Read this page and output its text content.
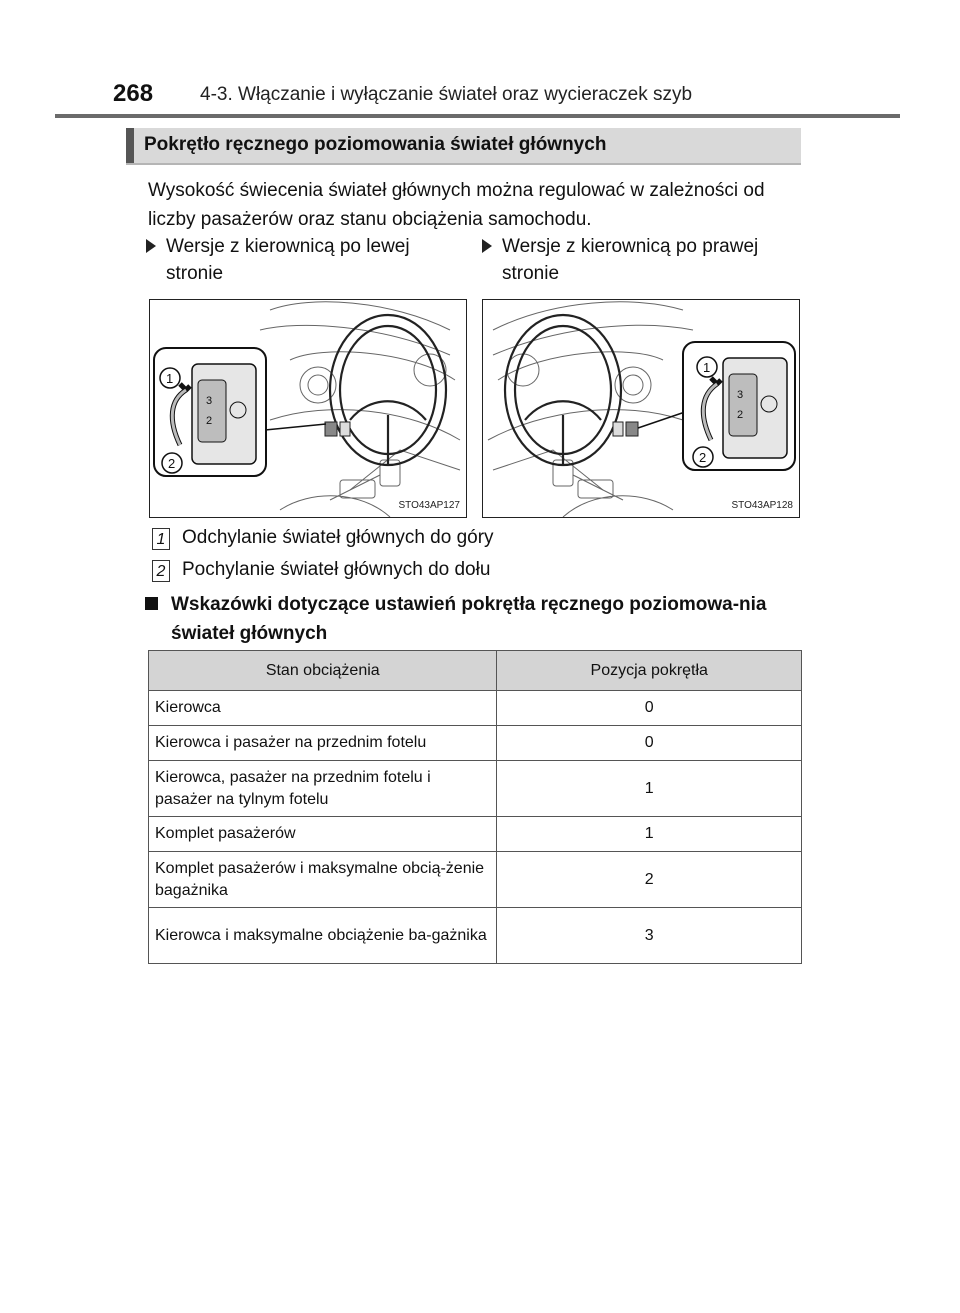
268 4-3. Włączanie i wyłączanie świateł oraz wycieraczek szyb
Pokrętło ręcznego poziomowania świateł głównych
Wysokość świecenia świateł głównych można regulować w zależności od liczby pasażerów oraz stanu obciążenia samochodu.
Wersje z kierownicą po lewej stronie
Wersje z kierownicą po prawej stronie
3
2
1
2
STO43AP127
3
2
1
2
STO43AP128
1 Odchylanie świateł głównych do góry
2 Pochylanie świateł głównych do dołu
Wskazówki dotyczące ustawień pokrętła ręcznego poziomowa-nia świateł głównych
Stan obciążenia	Pozycja pokrętła
Kierowca	0
Kierowca i pasażer na przednim fotelu	0
Kierowca, pasażer na przednim fotelu i pasażer na tylnym fotelu	1
Komplet pasażerów	1
Komplet pasażerów i maksymalne obcią-żenie bagażnika	2
Kierowca i maksymalne obciążenie ba-gażnika	3
